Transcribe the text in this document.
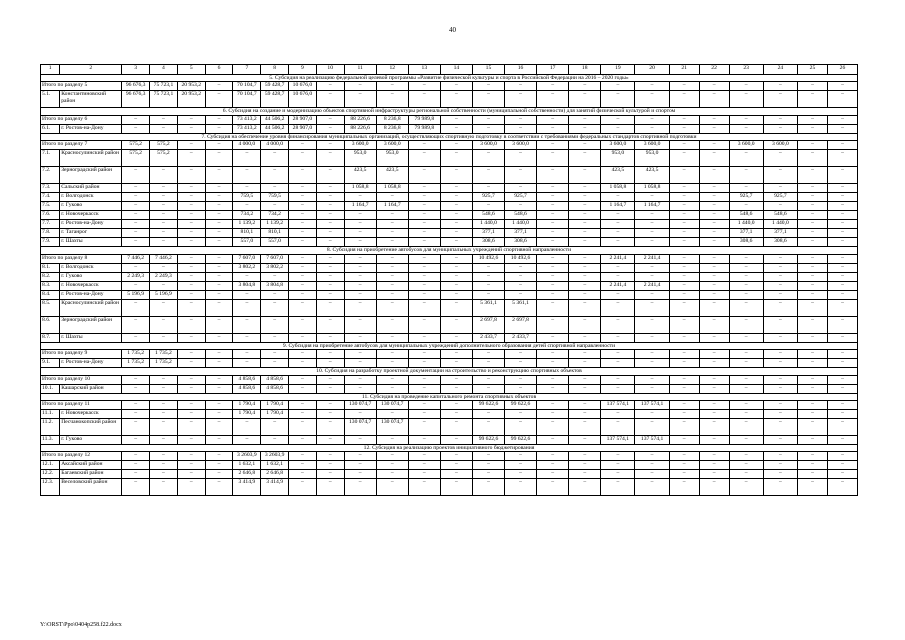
40
1	2	3	4	5	6	7	8	9	10	11	12	13	14	15	16	17	18	19	20	21	22	23	24	25	26
5. Субсидия на реализацию федеральной целевой программы «Развитие физической культуры и спорта в Российской Федерации на 2016 – 2020 годы»																									
Итого по разделу 5		96 676,3	75 723,1	20 953,2	–	70 104,7	59 428,7	10 676,0	–	–	–	–	–	–	–	–	–	–	–	–	–	–	–	–	–
5.1.	Константиновский район	96 676,3	75 723,1	20 953,2	–	70 104,7	59 428,7	10 676,0	–	–	–	–	–	–	–	–	–	–	–	–	–	–	–	–	–
6. Субсидия на создание и модернизацию объектов спортивной инфраструктуры региональной собственности (муниципальной собственности) для занятий физической культурой и спортом																									
Итого по разделу 6		–	–	–	–	73 413,2	44 506,2	28 907,0	–	88 226,6	8 236,8	79 989,8	–	–	–	–	–	–	–	–	–	–	–	–	–
6.1.	г. Ростов-на-Дону	–	–	–	–	73 413,2	44 506,2	28 907,0	–	88 226,6	8 236,8	79 989,8	–	–	–	–	–	–	–	–	–	–	–	–	–
7. Субсидия на обеспечение уровня финансирования муниципальных организаций, осуществляющих спортивную подготовку в соответствии с требованиями федеральных стандартов спортивной подготовки																									
Итого по разделу 7		575,2	575,2	–	–	4 000,0	4 000,0	–	–	3 600,0	3 600,0	–	–	3 600,0	3 600,0	–	–	3 600,0	3 600,0	–	–	3 600,0	3 600,0	–	–
7.1.	Красносулинский район	575,2	575,2	–	–	–	–	–	–	953,0	953,0	–	–	–	–	–	–	953,0	953,0	–	–	–	–	–	–
7.2.	Зерноградский район	–	–	–	–	–	–	–	–	423,5	423,5	–	–	–	–	–	–	423,5	423,5	–	–	–	–	–	–
7.3.	Сальский район	–	–	–	–	–	–	–	–	1 058,8	1 058,8	–	–	–	–	–	–	1 058,8	1 058,8	–	–	–	–	–	–
7.4.	г. Волгодонск	–	–	–	–	759,5	759,5	–	–	–	–	–	–	925,7	925,7	–	–	–	–	–	–	925,7	925,7	–	–
7.5.	г. Гуково	–	–	–	–	–	–	–	–	1 164,7	1 164,7	–	–	–	–	–	–	1 164,7	1 164,7	–	–	–	–	–	–
7.6.	г. Новочеркасск	–	–	–	–	734,2	734,2	–	–	–	–	–	–	548,6	548,6	–	–	–	–	–	–	548,6	548,6	–	–
7.7.	г. Ростов-на-Дону	–	–	–	–	1 139,2	1 139,2	–	–	–	–	–	–	1 440,0	1 440,0	–	–	–	–	–	–	1 440,0	1 440,0	–	–
7.8.	г. Таганрог	–	–	–	–	810,1	810,1	–	–	–	–	–	–	377,1	377,1	–	–	–	–	–	–	377,1	377,1	–	–
7.9.	г. Шахты	–	–	–	–	557,0	557,0	–	–	–	–	–	–	308,6	308,6	–	–	–	–	–	–	308,6	308,6	–	–
8. Субсидия на приобретение автобусов для муниципальных учреждений спортивной направленности																									
Итого по разделу 8		7 446,2	7 446,2	–	–	7 607,0	7 607,0	–	–	–	–	–	–	10 492,6	10 492,6	–	–	2 241,4	2 241,4	–	–	–	–	–	–
8.1.	г. Волгодонск	–	–	–	–	3 802,2	3 802,2	–	–	–	–	–	–	–	–	–	–	–	–	–	–	–	–	–	–
8.2.	г. Гуково	2 249,3	2 249,3	–	–	–	–	–	–	–	–	–	–	–	–	–	–	–	–	–	–	–	–	–	–
8.3.	г. Новочеркасск	–	–	–	–	3 804,8	3 804,8	–	–	–	–	–	–	–	–	–	–	2 241,4	2 241,4	–	–	–	–	–	–
8.4.	г. Ростов-на-Дону	5 196,9	5 196,9	–	–	–	–	–	–	–	–	–	–	–	–	–	–	–	–	–	–	–	–	–	–
8.5.	Красносулинский район	–	–	–	–	–	–	–	–	–	–	–	–	5 361,1	5 361,1	–	–	–	–	–	–	–	–	–	–
8.6.	Зерноградский район	–	–	–	–	–	–	–	–	–	–	–	–	2 697,8	2 697,8	–	–	–	–	–	–	–	–	–	–
8.7.	г. Шахты	–	–	–	–	–	–	–	–	–	–	–	–	2 433,7	2 433,7	–	–	–	–	–	–	–	–	–	–
9. Субсидия на приобретение автобусов для муниципальных учреждений дополнительного образования детей спортивной направленности																									
Итого по разделу 9		1 735,2	1 735,2	–	–	–	–	–	–	–	–	–	–	–	–	–	–	–	–	–	–	–	–	–	–
9.1.	г. Ростов-на-Дону	1 735,2	1 735,2	–	–	–	–	–	–	–	–	–	–	–	–	–	–	–	–	–	–	–	–	–	–
10. Субсидия на разработку проектной документации на строительство и реконструкцию спортивных объектов																									
Итого по разделу 10		–	–	–	–	4 858,6	4 858,6	–	–	–	–	–	–	–	–	–	–	–	–	–	–	–	–	–	–
10.1.	Кашарский район	–	–	–	–	4 858,6	4 858,6	–	–	–	–	–	–	–	–	–	–	–	–	–	–	–	–	–	–
11. Субсидия на проведение капитального ремонта спортивных объектов																									
Итого по разделу 11		–	–	–	–	1 790,4	1 790,4	–	–	130 074,7	130 074,7	–	–	99 622,6	99 622,6	–	–	137 574,1	137 574,1	–	–	–	–	–	–
11.1.	г. Новочеркасск	–	–	–	–	1 790,4	1 790,4	–	–	–	–	–	–	–	–	–	–	–	–	–	–	–	–	–	–
11.2.	Песчанокопский район	–	–	–	–	–	–	–	–	130 074,7	130 074,7	–	–	–	–	–	–	–	–	–	–	–	–	–	–
11.3.	г. Гуково	–	–	–	–	–	–	–	–	–	–	–	–	99 622,6	99 622,6	–	–	137 574,1	137 574,1	–	–	–	–	–	–
12. Субсидия на реализацию проектов инициативного бюджетирования																									
Итого по разделу 12		–	–	–	–	3 2603,9	3 2603,9	–	–	–	–	–	–	–	–	–	–	–	–	–	–	–	–	–	–
12.1.	Аксайский район	–	–	–	–	1 632,1	1 632,1	–	–	–	–	–	–	–	–	–	–	–	–	–	–	–	–	–	–
12.2.	Багаевский район	–	–	–	–	2 646,8	2 646,8	–	–	–	–	–	–	–	–	–	–	–	–	–	–	–	–	–	–
12.3.	Веселовский район	–	–	–	–	3 414,9	3 414,9	–	–	–	–	–	–	–	–	–	–	–	–	–	–	–	–	–	–
Y:\ORST\Ppo\0404p258.f22.docx
